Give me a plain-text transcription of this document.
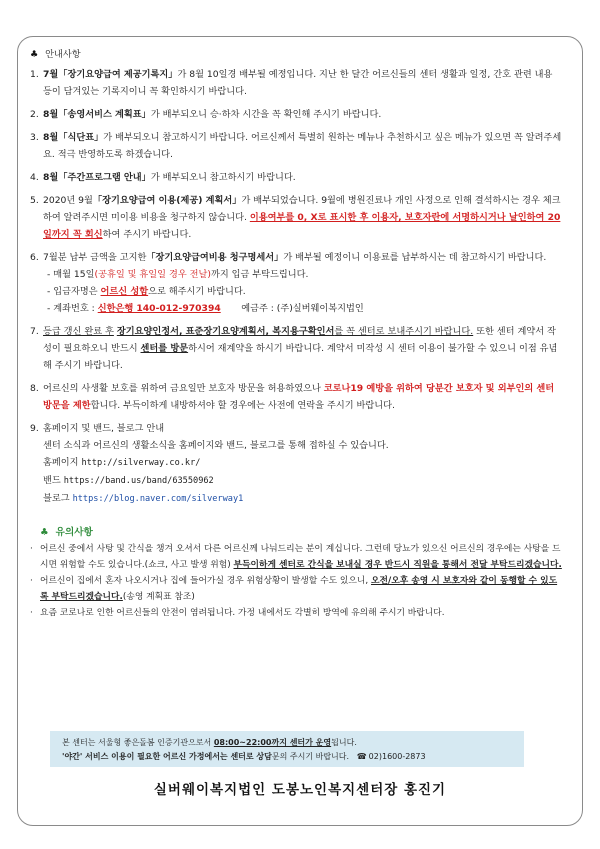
♣ 안내사항
1. 7월「장기요양급여 제공기록지」가 8월 10일경 배부될 예정입니다. 지난 한 달간 어르신들의 센터 생활과 일정, 간호 관련 내용 등이 담겨있는 기록지이니 꼭 확인하시기 바랍니다.
2. 8월「송영서비스 계획표」가 배부되오니 승·하차 시간을 꼭 확인해 주시기 바랍니다.
3. 8월「식단표」가 배부되오니 참고하시기 바랍니다. 어르신께서 특별히 원하는 메뉴나 추천하시고 싶은 메뉴가 있으면 꼭 알려주세요. 적극 반영하도록 하겠습니다.
4. 8월「주간프로그램 안내」가 배부되오니 참고하시기 바랍니다.
5. 2020년 9월「장기요양급여 이용(제공) 계획서」가 배부되었습니다. 9월에 병원진료나 개인 사정으로 인해 결석하시는 경우 체크하여 알려주시면 미이용 비용을 청구하지 않습니다. 이용여부를 0, X로 표시한 후 이용자, 보호자란에 서명하시거나 날인하여 20일까지 꼭 회신하여 주시기 바랍니다.
6. 7월분 납부 금액을 고지한「장기요양급여비용 청구명세서」가 배부될 예정이니 이용료를 납부하시는 데 참고하시기 바랍니다.
- 매월 15일(공휴일 및 휴일일 경우 전날)까지 입금 부탁드립니다.
- 입금자명은 어르신 성함으로 해주시기 바랍니다.
- 계좌번호 : 신한은행 140-012-970394 예금주 : (주)실버웨이복지법인
7. 등급 갱신 완료 후 장기요양인정서, 표준장기요양계획서, 복지용구확인서를 꼭 센터로 보내주시기 바랍니다. 또한 센터 계약서 작성이 필요하오니 반드시 센터를 방문하시어 재계약을 하시기 바랍니다. 계약서 미작성 시 센터 이용이 불가할 수 있으니 이점 유념해 주시기 바랍니다.
8. 어르신의 사생활 보호를 위하여 금요일만 보호자 방문을 허용하였으나 코로나19 예방을 위하여 당분간 보호자 및 외부인의 센터 방문을 제한합니다. 부득이하게 내방하셔야 할 경우에는 사전에 연락을 주시기 바랍니다.
9. 홈페이지 및 밴드, 블로그 안내
센터 소식과 어르신의 생활소식을 홈페이지와 밴드, 블로그를 통해 접하실 수 있습니다.
홈페이지 http://silverway.co.kr/
밴드 https://band.us/band/63550962
블로그 https://blog.naver.com/silverway1
♣ 유의사항
· 어르신 중에서 사탕 및 간식을 챙겨 오셔서 다른 어르신께 나눠드리는 분이 계십니다. 그런데 당뇨가 있으신 어르신의 경우에는 사탕을 드시면 위험할 수도 있습니다.(쇼크, 사고 발생 위험) 부득이하게 센터로 간식을 보내실 경우 반드시 직원을 통해서 전달 부탁드리겠습니다.
· 어르신이 집에서 혼자 나오시거나 집에 들어가실 경우 위험상황이 발생할 수도 있으니, 오전/오후 송영 시 보호자와 같이 동행할 수 있도록 부탁드리겠습니다.(송영 계획표 참조)
· 요즘 코로나로 인한 어르신들의 안전이 염려됩니다. 가정 내에서도 각별히 방역에 유의해 주시기 바랍니다.
본 센터는 서울형 좋은돌봄 인증기관으로서 08:00~22:00까지 센터가 운영됩니다.
'야간' 서비스 이용이 필요한 어르신 가정에서는 센터로 상담문의 주시기 바랍니다. ☎ 02)1600-2873
실버웨이복지법인 도봉노인복지센터장 홍진기
